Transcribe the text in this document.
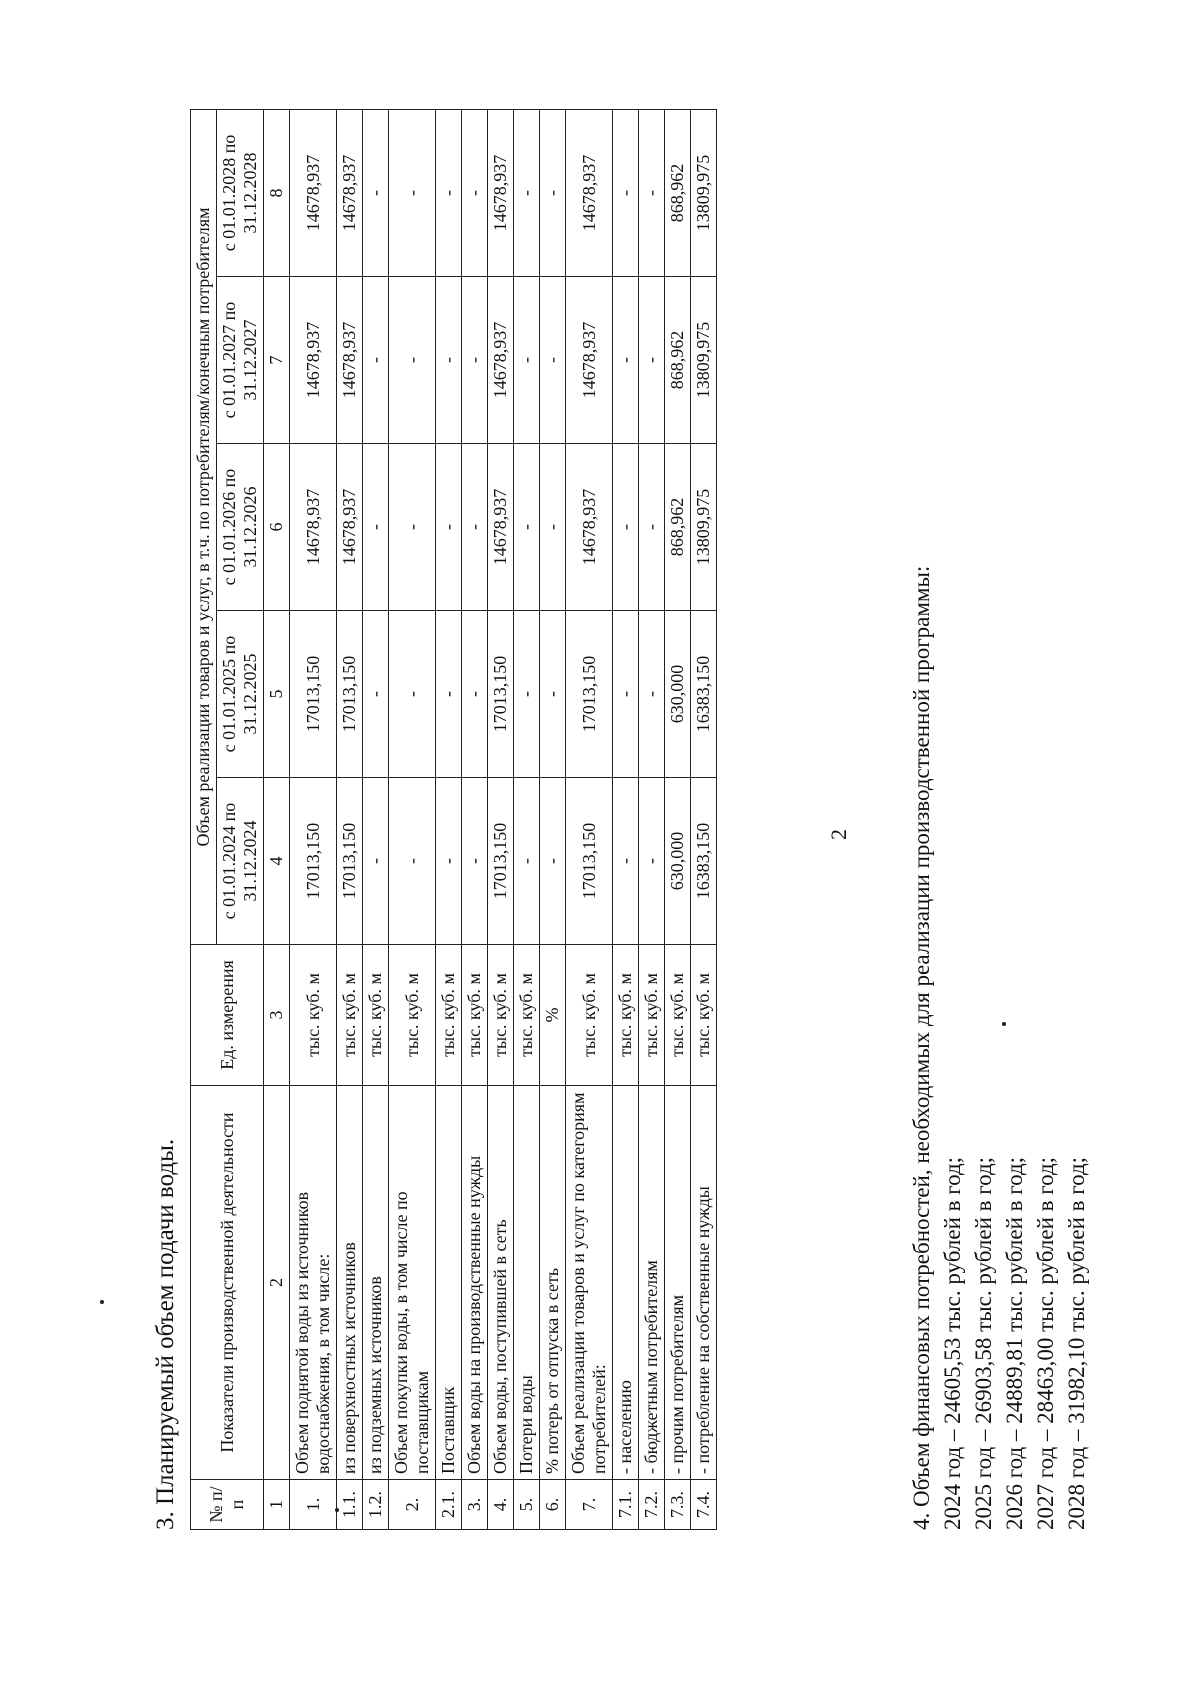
2
3. Планируемый объем подачи воды. № п/п	Показатели производственной деятельности	Ед. измерения	Объем реализации товаров и услуг, в т.ч. по потребителям/конечным потребителям				
			с 01.01.2024 по 31.12.2024	с 01.01.2025 по 31.12.2025	с 01.01.2026 по 31.12.2026	с 01.01.2027 по 31.12.2027	с 01.01.2028 по 31.12.2028
1	2	3	4	5	6	7	8
1.	Объем поднятой воды из источников водоснабжения, в том числе:	тыс. куб. м	17013,150	17013,150	14678,937	14678,937	14678,937
1.1.	из поверхностных источников	тыс. куб. м	17013,150	17013,150	14678,937	14678,937	14678,937
1.2.	из подземных источников	тыс. куб. м	-	-	-	-	-
2.	Объем покупки воды, в том числе по поставщикам	тыс. куб. м	-	-	-	-	-
2.1.	Поставщик	тыс. куб. м	-	-	-	-	-
3.	Объем воды на производственные нужды	тыс. куб. м	-	-	-	-	-
4.	Объем воды, поступившей в сеть	тыс. куб. м	17013,150	17013,150	14678,937	14678,937	14678,937
5.	Потери воды	тыс. куб. м	-	-	-	-	-
6.	% потерь от отпуска в сеть	%	-	-	-	-	-
7.	Объем реализации товаров и услуг по категориям потребителей:	тыс. куб. м	17013,150	17013,150	14678,937	14678,937	14678,937
7.1.	- населению	тыс. куб. м	-	-	-	-	-
7.2.	- бюджетным потребителям	тыс. куб. м	-	-	-	-	-
7.3.	- прочим потребителям	тыс. куб. м	630,000	630,000	868,962	868,962	868,962
7.4.	- потребление на собственные нужды	тыс. куб. м	16383,150	16383,150	13809,975	13809,975	13809,975
4. Объем финансовых потребностей, необходимых для реализации производственной программы: 2024 год – 24605,53 тыс. рублей в год; 2025 год – 26903,58 тыс. рублей в год; 2026 год – 24889,81 тыс. рублей в год; 2027 год – 28463,00 тыс. рублей в год; 2028 год – 31982,10 тыс. рублей в год;
